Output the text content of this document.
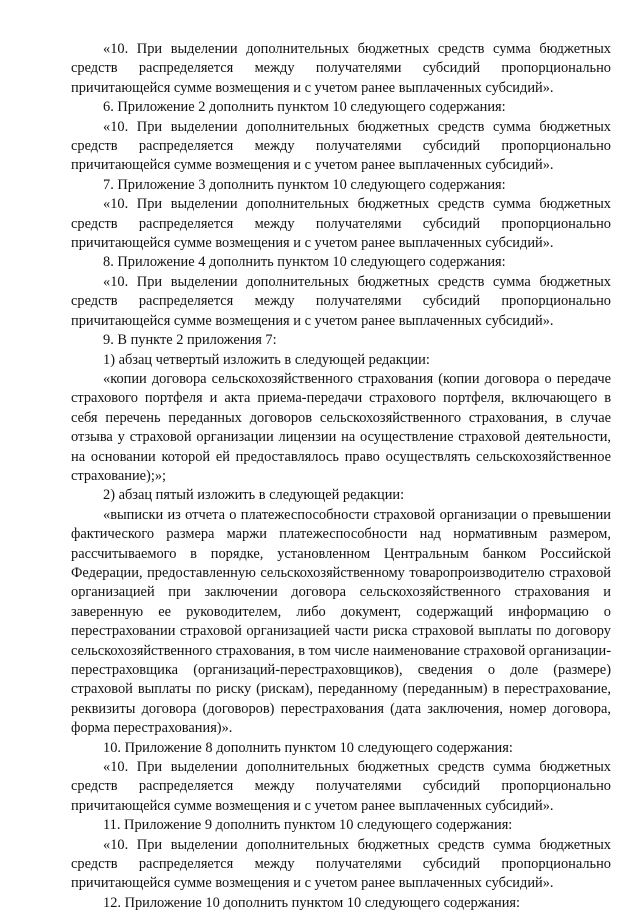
«10. При выделении дополнительных бюджетных средств сумма бюджетных средств распределяется между получателями субсидий пропорционально причитающейся сумме возмещения и с учетом ранее выплаченных субсидий».

6. Приложение 2 дополнить пунктом 10 следующего содержания:

«10. При выделении дополнительных бюджетных средств сумма бюджетных средств распределяется между получателями субсидий пропорционально причитающейся сумме возмещения и с учетом ранее выплаченных субсидий».

7. Приложение 3 дополнить пунктом 10 следующего содержания:

«10. При выделении дополнительных бюджетных средств сумма бюджетных средств распределяется между получателями субсидий пропорционально причитающейся сумме возмещения и с учетом ранее выплаченных субсидий».

8. Приложение 4 дополнить пунктом 10 следующего содержания:

«10. При выделении дополнительных бюджетных средств сумма бюджетных средств распределяется между получателями субсидий пропорционально причитающейся сумме возмещения и с учетом ранее выплаченных субсидий».

9. В пункте 2 приложения 7:

1) абзац четвертый изложить в следующей редакции:

«копии договора сельскохозяйственного страхования (копии договора о передаче страхового портфеля и акта приема-передачи страхового портфеля, включающего в себя перечень переданных договоров сельскохозяйственного страхования, в случае отзыва у страховой организации лицензии на осуществление страховой деятельности, на основании которой ей предоставлялось право осуществлять сельскохозяйственное страхование);»;

2) абзац пятый изложить в следующей редакции:

«выписки из отчета о платежеспособности страховой организации о превышении фактического размера маржи платежеспособности над нормативным размером, рассчитываемого в порядке, установленном Центральным банком Российской Федерации, предоставленную сельскохозяйственному товаропроизводителю страховой организацией при заключении договора сельскохозяйственного страхования и заверенную ее руководителем, либо документ, содержащий информацию о перестраховании страховой организацией части риска страховой выплаты по договору сельскохозяйственного страхования, в том числе наименование страховой организации-перестраховщика (организаций-перестраховщиков), сведения о доле (размере) страховой выплаты по риску (рискам), переданному (переданным) в перестрахование, реквизиты договора (договоров) перестрахования (дата заключения, номер договора, форма перестрахования)».

10. Приложение 8 дополнить пунктом 10 следующего содержания:

«10. При выделении дополнительных бюджетных средств сумма бюджетных средств распределяется между получателями субсидий пропорционально причитающейся сумме возмещения и с учетом ранее выплаченных субсидий».

11. Приложение 9 дополнить пунктом 10 следующего содержания:

«10. При выделении дополнительных бюджетных средств сумма бюджетных средств распределяется между получателями субсидий пропорционально причитающейся сумме возмещения и с учетом ранее выплаченных субсидий».

12. Приложение 10 дополнить пунктом 10 следующего содержания:
